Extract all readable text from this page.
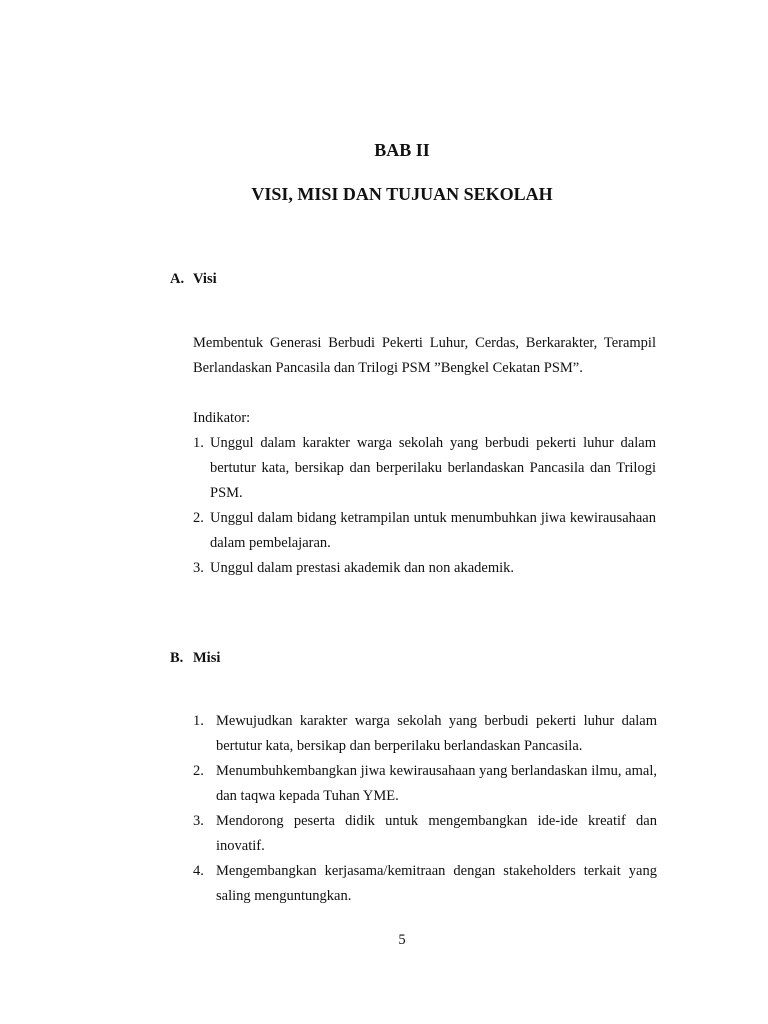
BAB II
VISI, MISI DAN TUJUAN SEKOLAH
A. Visi

Membentuk Generasi Berbudi Pekerti Luhur, Cerdas, Berkarakter, Terampil Berlandaskan Pancasila dan Trilogi PSM ”Bengkel Cekatan PSM”.

Indikator:

1. Unggul dalam karakter warga sekolah yang berbudi pekerti luhur dalam bertutur kata, bersikap dan berperilaku berlandaskan Pancasila dan Trilogi PSM.
2. Unggul dalam bidang ketrampilan untuk menumbuhkan jiwa kewirausahaan dalam pembelajaran.
3. Unggul dalam prestasi akademik dan non akademik.
B. Misi
1. Mewujudkan karakter warga sekolah yang berbudi pekerti luhur dalam bertutur kata, bersikap dan berperilaku berlandaskan Pancasila.
2. Menumbuhkembangkan jiwa kewirausahaan yang berlandaskan ilmu, amal, dan taqwa kepada Tuhan YME.
3. Mendorong peserta didik untuk mengembangkan ide-ide kreatif dan inovatif.
4. Mengembangkan kerjasama/kemitraan dengan stakeholders terkait yang saling menguntungkan.
5
